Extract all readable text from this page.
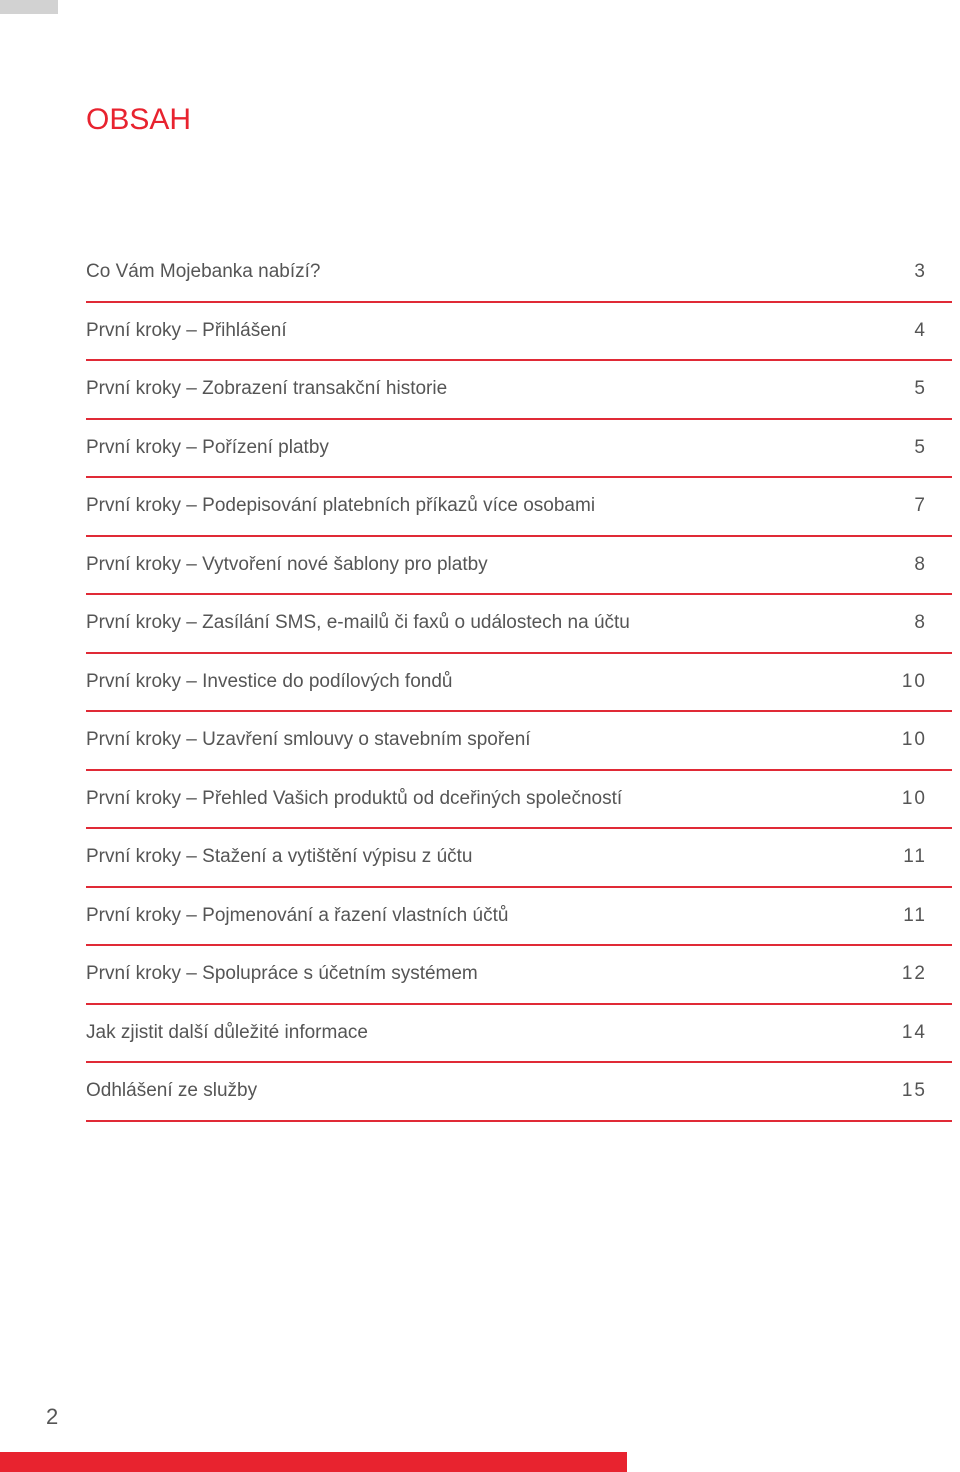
OBSAH
Co Vám Mojebanka nabízí?	3
První kroky – Přihlášení	4
První kroky – Zobrazení transakční historie	5
První kroky – Pořízení platby	5
První kroky – Podepisování platebních příkazů více osobami	7
První kroky – Vytvoření nové šablony pro platby	8
První kroky – Zasílání SMS, e-mailů či faxů o událostech na účtu	8
První kroky – Investice do podílových fondů	10
První kroky – Uzavření smlouvy o stavebním spoření	10
První kroky – Přehled Vašich produktů od dceřiných společností	10
První kroky – Stažení a vytištění výpisu z účtu	11
První kroky – Pojmenování a řazení vlastních účtů	11
První kroky – Spolupráce s účetním systémem	12
Jak zjistit další důležité informace	14
Odhlášení ze služby	15
2
